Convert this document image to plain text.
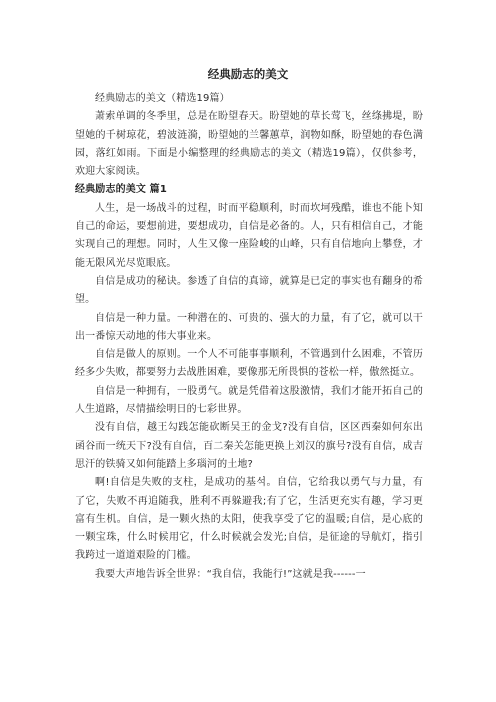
经典励志的美文

经典励志的美文（精选19篇）

萧索单调的冬季里，总是在盼望春天。盼望她的草长莺飞，丝绦拂堤，盼望她的千树琼花，碧波涟漪，盼望她的兰馨蕙草，润物如酥，盼望她的春色满园，落红如雨。下面是小编整理的经典励志的美文（精选19篇），仅供参考，欢迎大家阅读。

经典励志的美文 篇1

人生，是一场战斗的过程，时而平稳顺利，时而坎坷残酷，谁也不能卜知自己的命运，要想前进，要想成功，自信是必备的。人，只有相信自己，才能实现自己的理想。同时，人生又像一座险峻的山峰，只有自信地向上攀登，才能无限风光尽览眼底。

自信是成功的秘诀。参透了自信的真谛，就算是已定的事实也有翻身的希望。

自信是一种力量。一种潜在的、可贵的、强大的力量，有了它，就可以干出一番惊天动地的伟大事业来。

自信是做人的原则。一个人不可能事事顺利，不管遇到什么困难，不管历经多少失败，都要努力去战胜困难，要像那无所畏惧的苍松一样，傲然挺立。

自信是一种拥有，一股勇气。就是凭借着这股激情，我们才能开拓自己的人生道路，尽情描绘明日的七彩世界。

没有自信，越王勾践怎能砍断吴王的金戈?没有自信，区区西秦如何东出函谷而一统天下?没有自信，百二秦关怎能更换上刘汉的旗号?没有自信，成吉思汗的铁骑又如何能踏上多瑙河的土地?

啊!自信是失败的支柱，是成功的基석。自信，它给我以勇气与力量，有了它，失败不再追随我，胜利不再躲避我;有了它，生活更充实有趣，学习更富有生机。自信，是一颗火热的太阳，使我享受了它的温暖;自信，是心底的一颗宝珠，什么时候用它，什么时候就会发光;自信，是征途的导航灯，指引我跨过一道道艰险的门槛。

我要大声地告诉全世界：“我自信，我能行!”这就是我------一
